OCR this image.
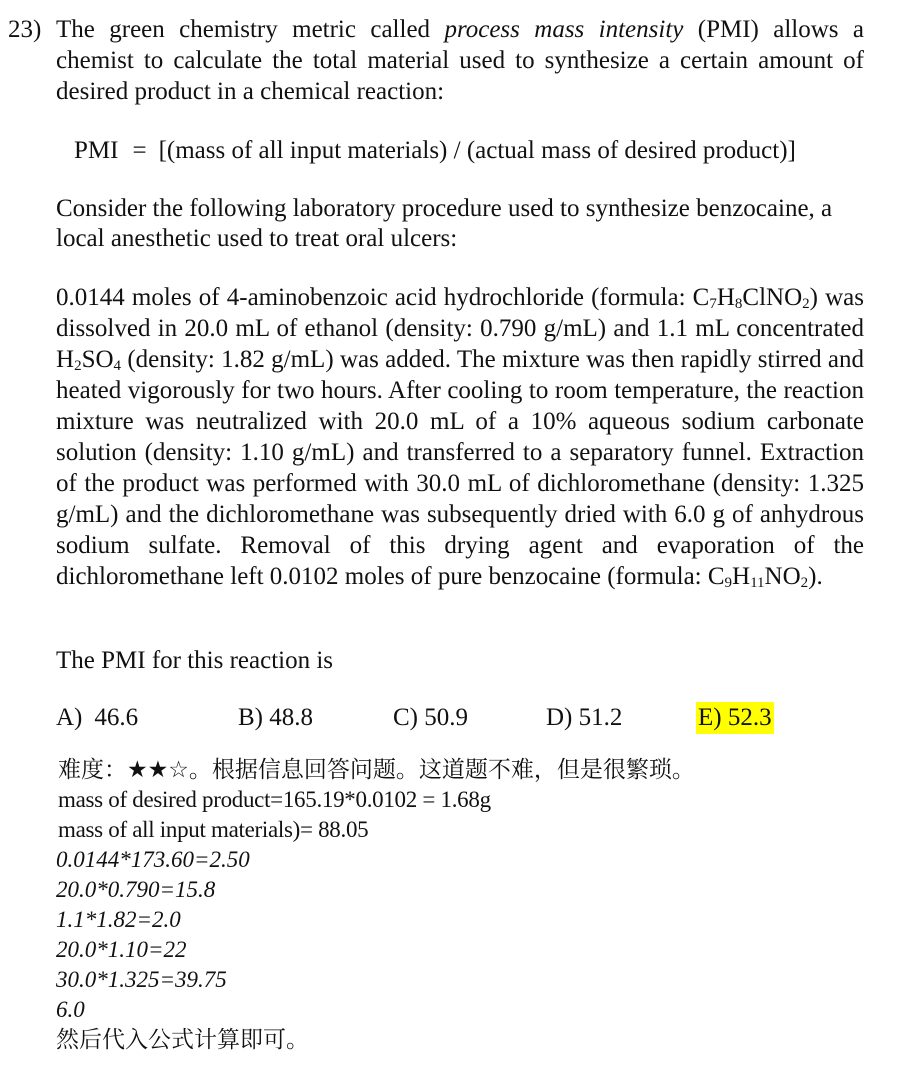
23) The green chemistry metric called process mass intensity (PMI) allows a chemist to calculate the total material used to synthesize a certain amount of desired product in a chemical reaction:

PMI = [(mass of all input materials) / (actual mass of desired product)]
Consider the following laboratory procedure used to synthesize benzocaine, a local anesthetic used to treat oral ulcers:
0.0144 moles of 4-aminobenzoic acid hydrochloride (formula: $C_7H_8ClNO_2$) was dissolved in 20.0 mL of ethanol (density: 0.790 g/mL) and 1.1 mL concentrated $H_2SO_4$ (density: 1.82 g/mL) was added. The mixture was then rapidly stirred and heated vigorously for two hours. After cooling to room temperature, the reaction mixture was neutralized with 20.0 mL of a 10% aqueous sodium carbonate solution (density: 1.10 g/mL) and transferred to a separatory funnel. Extraction of the product was performed with 30.0 mL of dichloromethane (density: 1.325 g/mL) and the dichloromethane was subsequently dried with 6.0 g of anhydrous sodium sulfate. Removal of this drying agent and evaporation of the dichloromethane left 0.0102 moles of pure benzocaine (formula: $C_9H_{11}NO_2$).
The PMI for this reaction is
A) 46.6	B) 48.8	C) 50.9	D) 51.2	E) 52.3

难度：★★☆。根据信息回答问题。这道题不难，但是很繁琐。

mass of desired product=165.19*0.0102 = 1.68g

mass of all input materials)= 88.05

0.0144*173.60=2.50
20.0*0.790=15.8
1.1*1.82=2.0
20.0*1.10=22
30.0*1.325=39.75
6.0

然后代入公式计算即可。
